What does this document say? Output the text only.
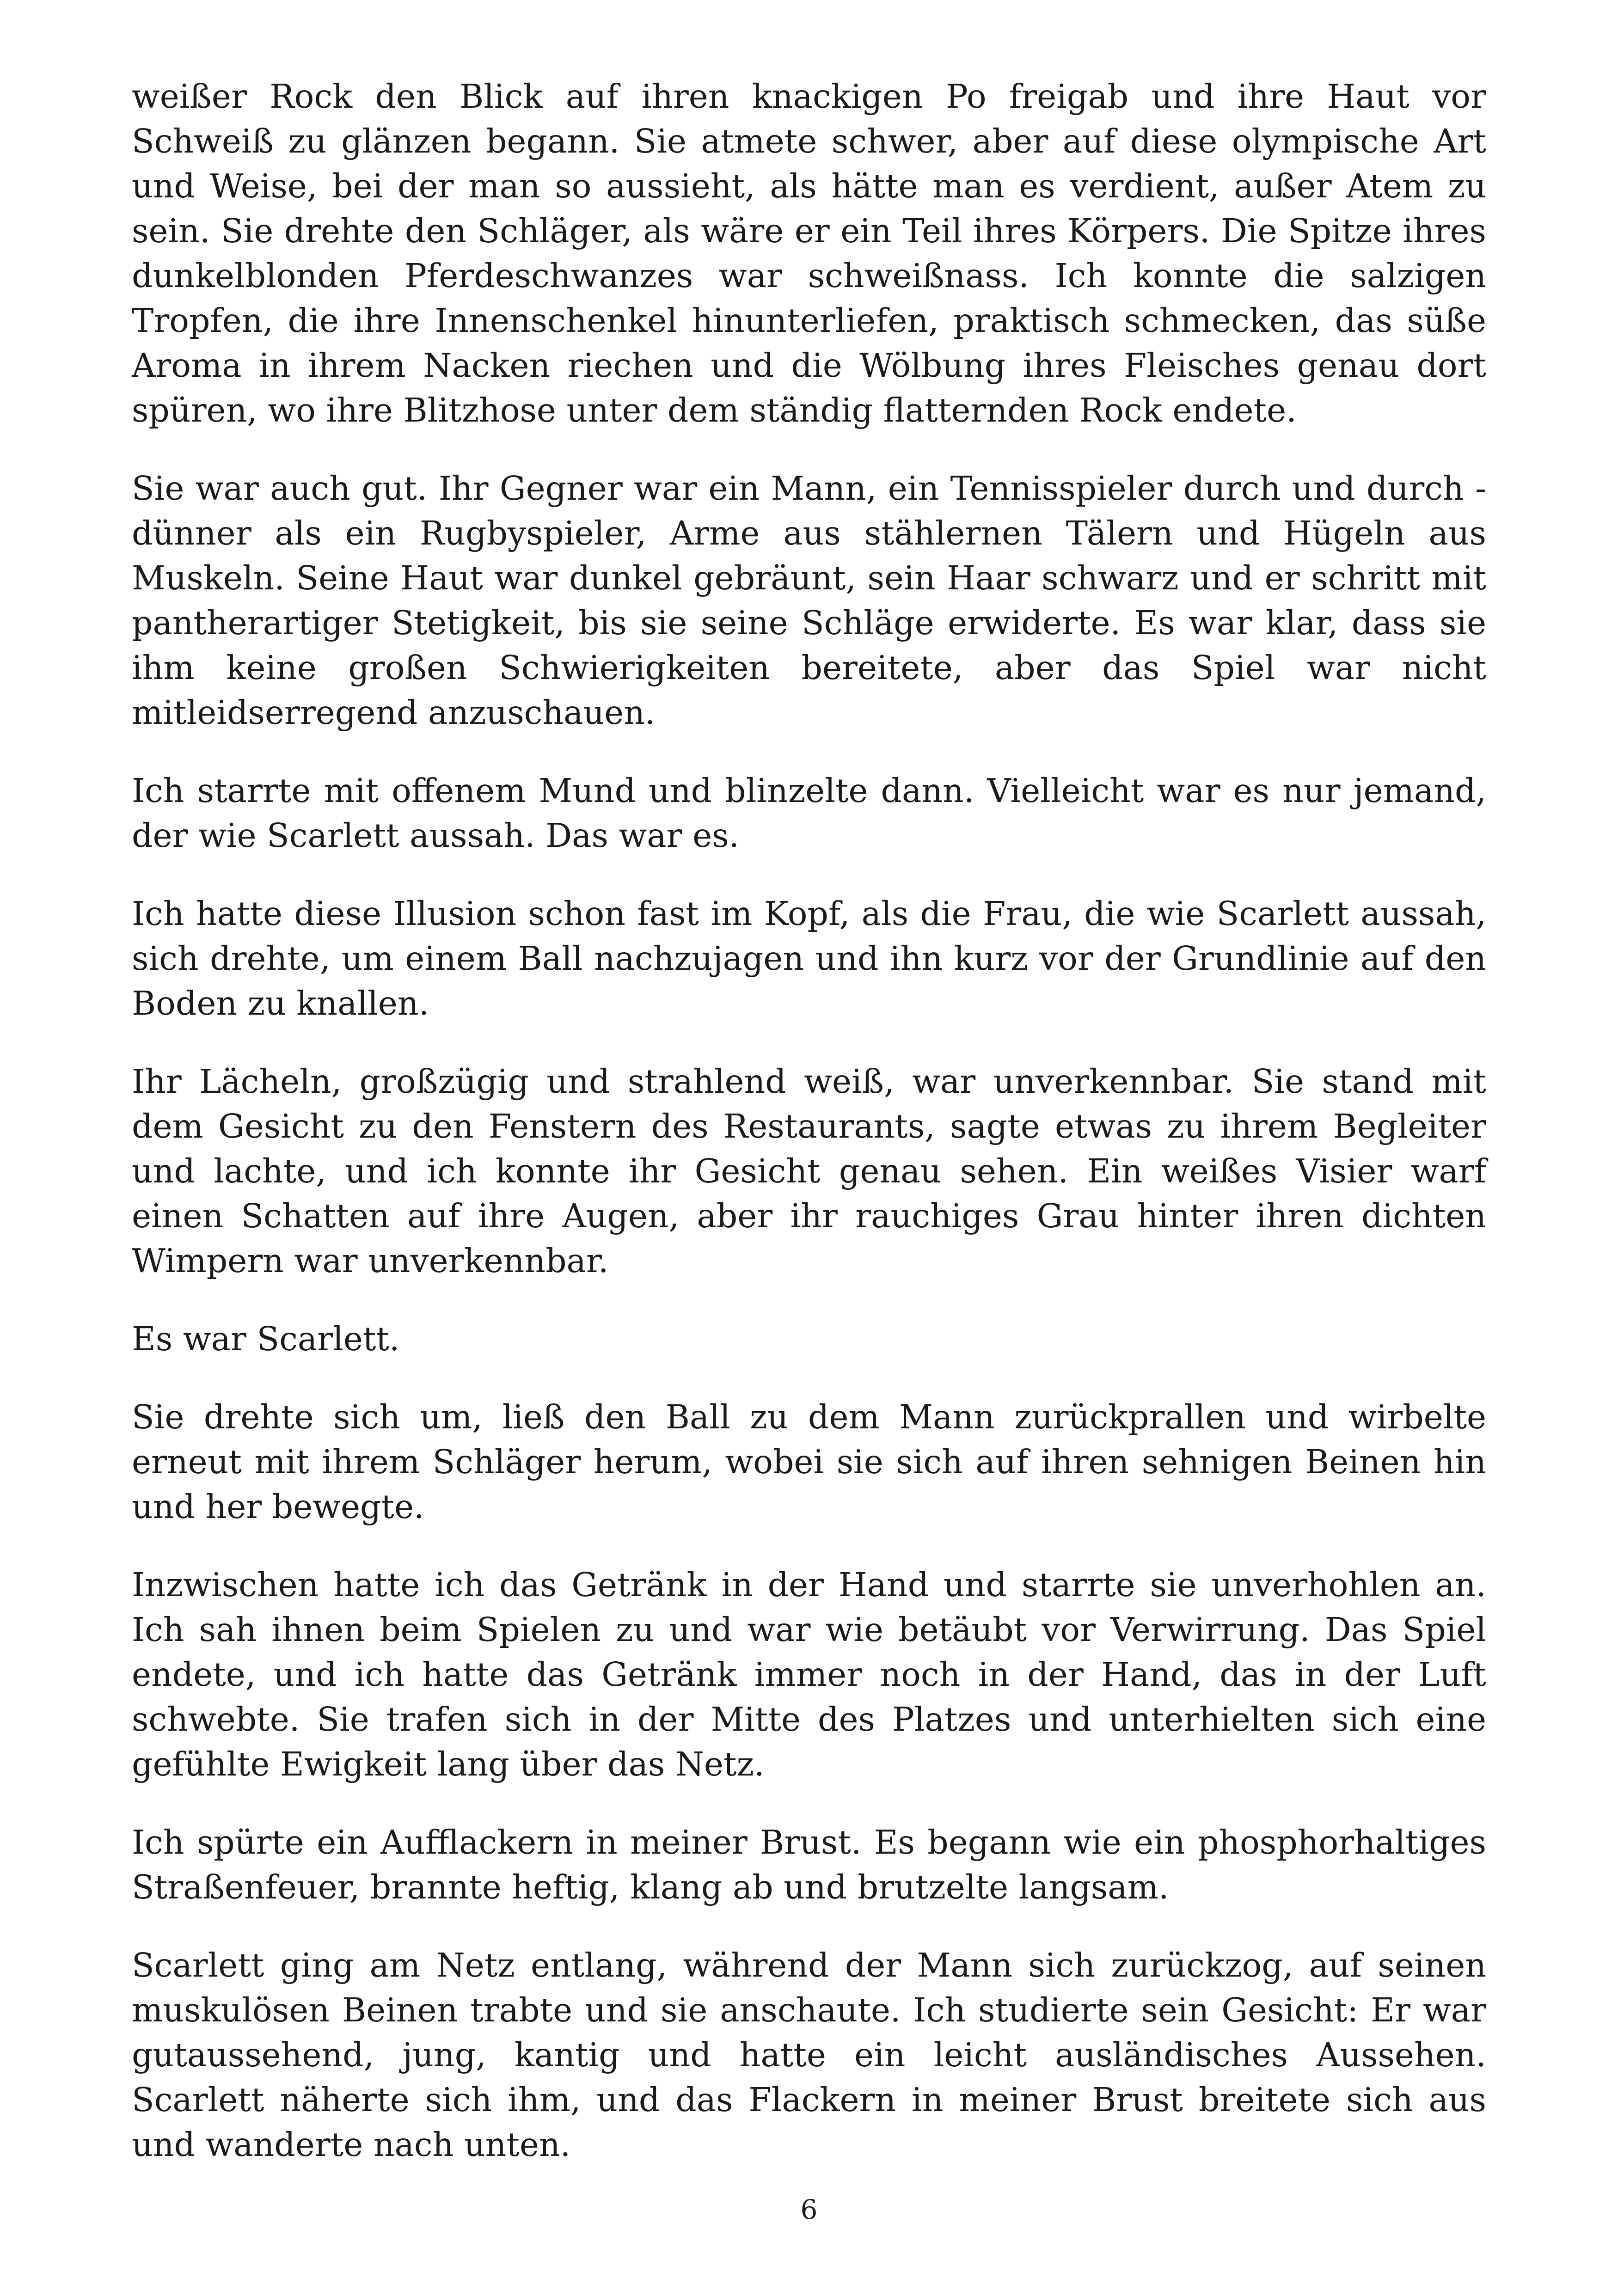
weißer Rock den Blick auf ihren knackigen Po freigab und ihre Haut vor Schweiß zu glänzen begann. Sie atmete schwer, aber auf diese olympische Art und Weise, bei der man so aussieht, als hätte man es verdient, außer Atem zu sein. Sie drehte den Schläger, als wäre er ein Teil ihres Körpers. Die Spitze ihres dunkelblonden Pferdeschwanzes war schweißnass. Ich konnte die salzigen Tropfen, die ihre Innenschenkel hinunterliefen, praktisch schmecken, das süße Aroma in ihrem Nacken riechen und die Wölbung ihres Fleisches genau dort spüren, wo ihre Blitzhose unter dem ständig flatternden Rock endete.

Sie war auch gut. Ihr Gegner war ein Mann, ein Tennisspieler durch und durch - dünner als ein Rugbyspieler, Arme aus stählernen Tälern und Hügeln aus Muskeln. Seine Haut war dunkel gebräunt, sein Haar schwarz und er schritt mit pantherartiger Stetigkeit, bis sie seine Schläge erwiderte. Es war klar, dass sie ihm keine großen Schwierigkeiten bereitete, aber das Spiel war nicht mitleidserregend anzuschauen.

Ich starrte mit offenem Mund und blinzelte dann. Vielleicht war es nur jemand, der wie Scarlett aussah. Das war es.

Ich hatte diese Illusion schon fast im Kopf, als die Frau, die wie Scarlett aussah, sich drehte, um einem Ball nachzujagen und ihn kurz vor der Grundlinie auf den Boden zu knallen.

Ihr Lächeln, großzügig und strahlend weiß, war unverkennbar. Sie stand mit dem Gesicht zu den Fenstern des Restaurants, sagte etwas zu ihrem Begleiter und lachte, und ich konnte ihr Gesicht genau sehen. Ein weißes Visier warf einen Schatten auf ihre Augen, aber ihr rauchiges Grau hinter ihren dichten Wimpern war unverkennbar.

Es war Scarlett.

Sie drehte sich um, ließ den Ball zu dem Mann zurückprallen und wirbelte erneut mit ihrem Schläger herum, wobei sie sich auf ihren sehnigen Beinen hin und her bewegte.

Inzwischen hatte ich das Getränk in der Hand und starrte sie unverhohlen an. Ich sah ihnen beim Spielen zu und war wie betäubt vor Verwirrung. Das Spiel endete, und ich hatte das Getränk immer noch in der Hand, das in der Luft schwebte. Sie trafen sich in der Mitte des Platzes und unterhielten sich eine gefühlte Ewigkeit lang über das Netz.

Ich spürte ein Aufflackern in meiner Brust. Es begann wie ein phosphorhaltiges Straßenfeuer, brannte heftig, klang ab und brutzelte langsam.

Scarlett ging am Netz entlang, während der Mann sich zurückzog, auf seinen muskulösen Beinen trabte und sie anschaute. Ich studierte sein Gesicht: Er war gutaussehend, jung, kantig und hatte ein leicht ausländisches Aussehen. Scarlett näherte sich ihm, und das Flackern in meiner Brust breitete sich aus und wanderte nach unten.

6
